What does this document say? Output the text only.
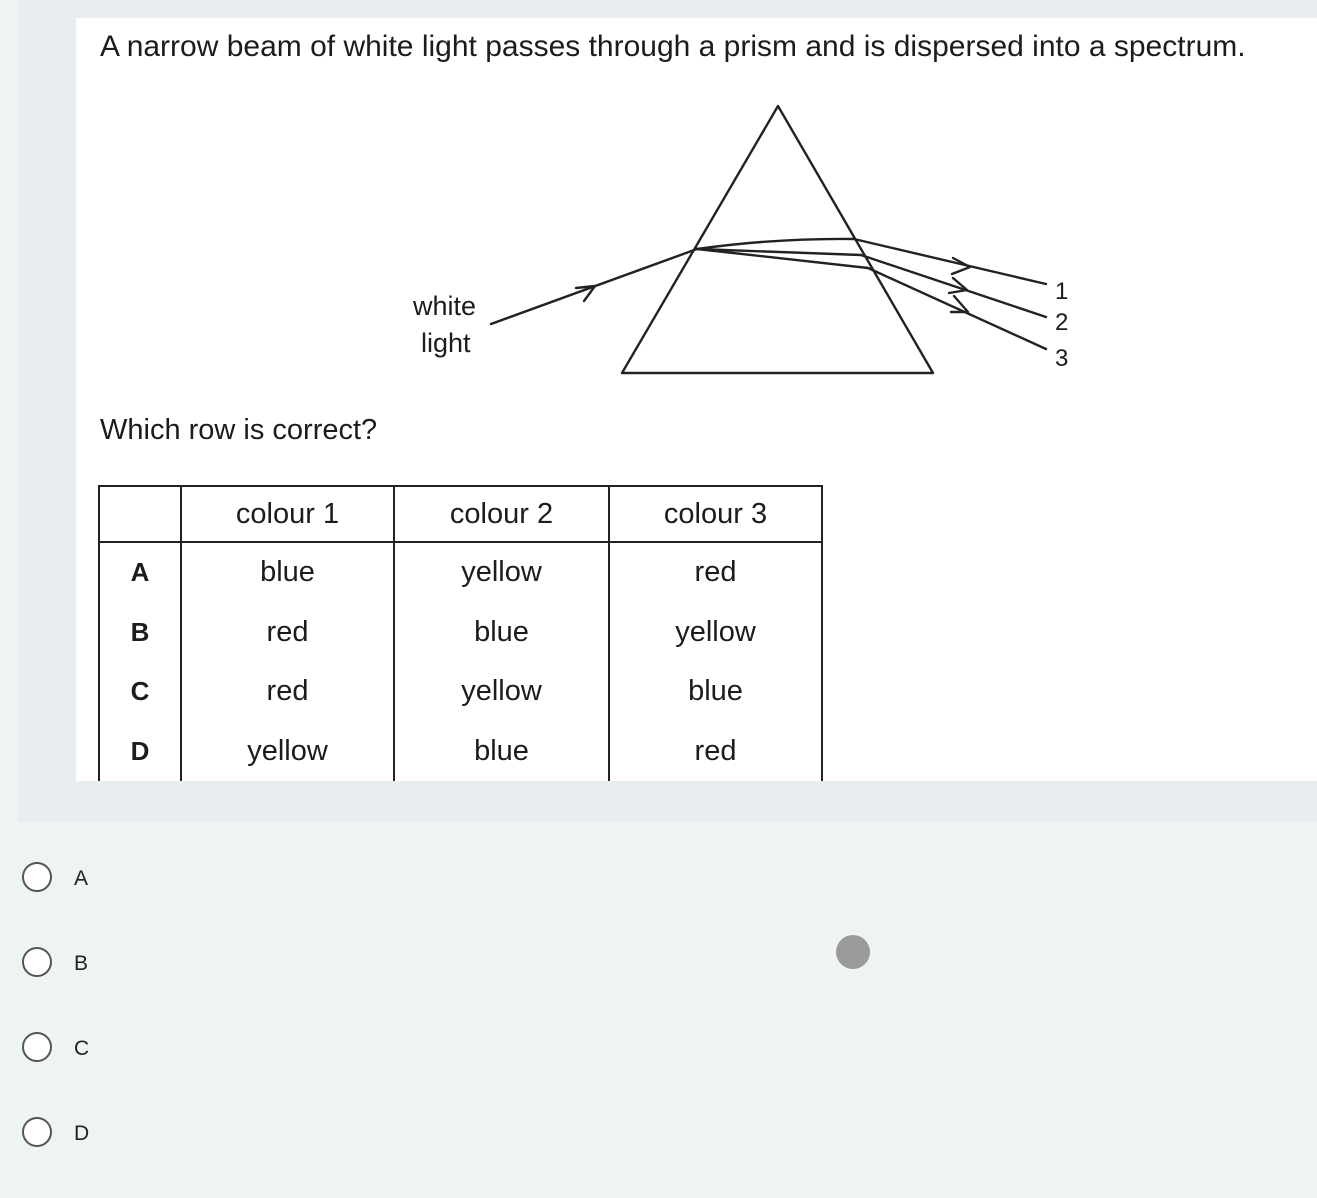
A narrow beam of white light passes through a prism and is dispersed into a spectrum.
white
light
1
2
3
Which row is correct?
	colour 1	colour 2	colour 3
A	blue	yellow	red
B	red	blue	yellow
C	red	yellow	blue
D	yellow	blue	red
A
B
C
D
